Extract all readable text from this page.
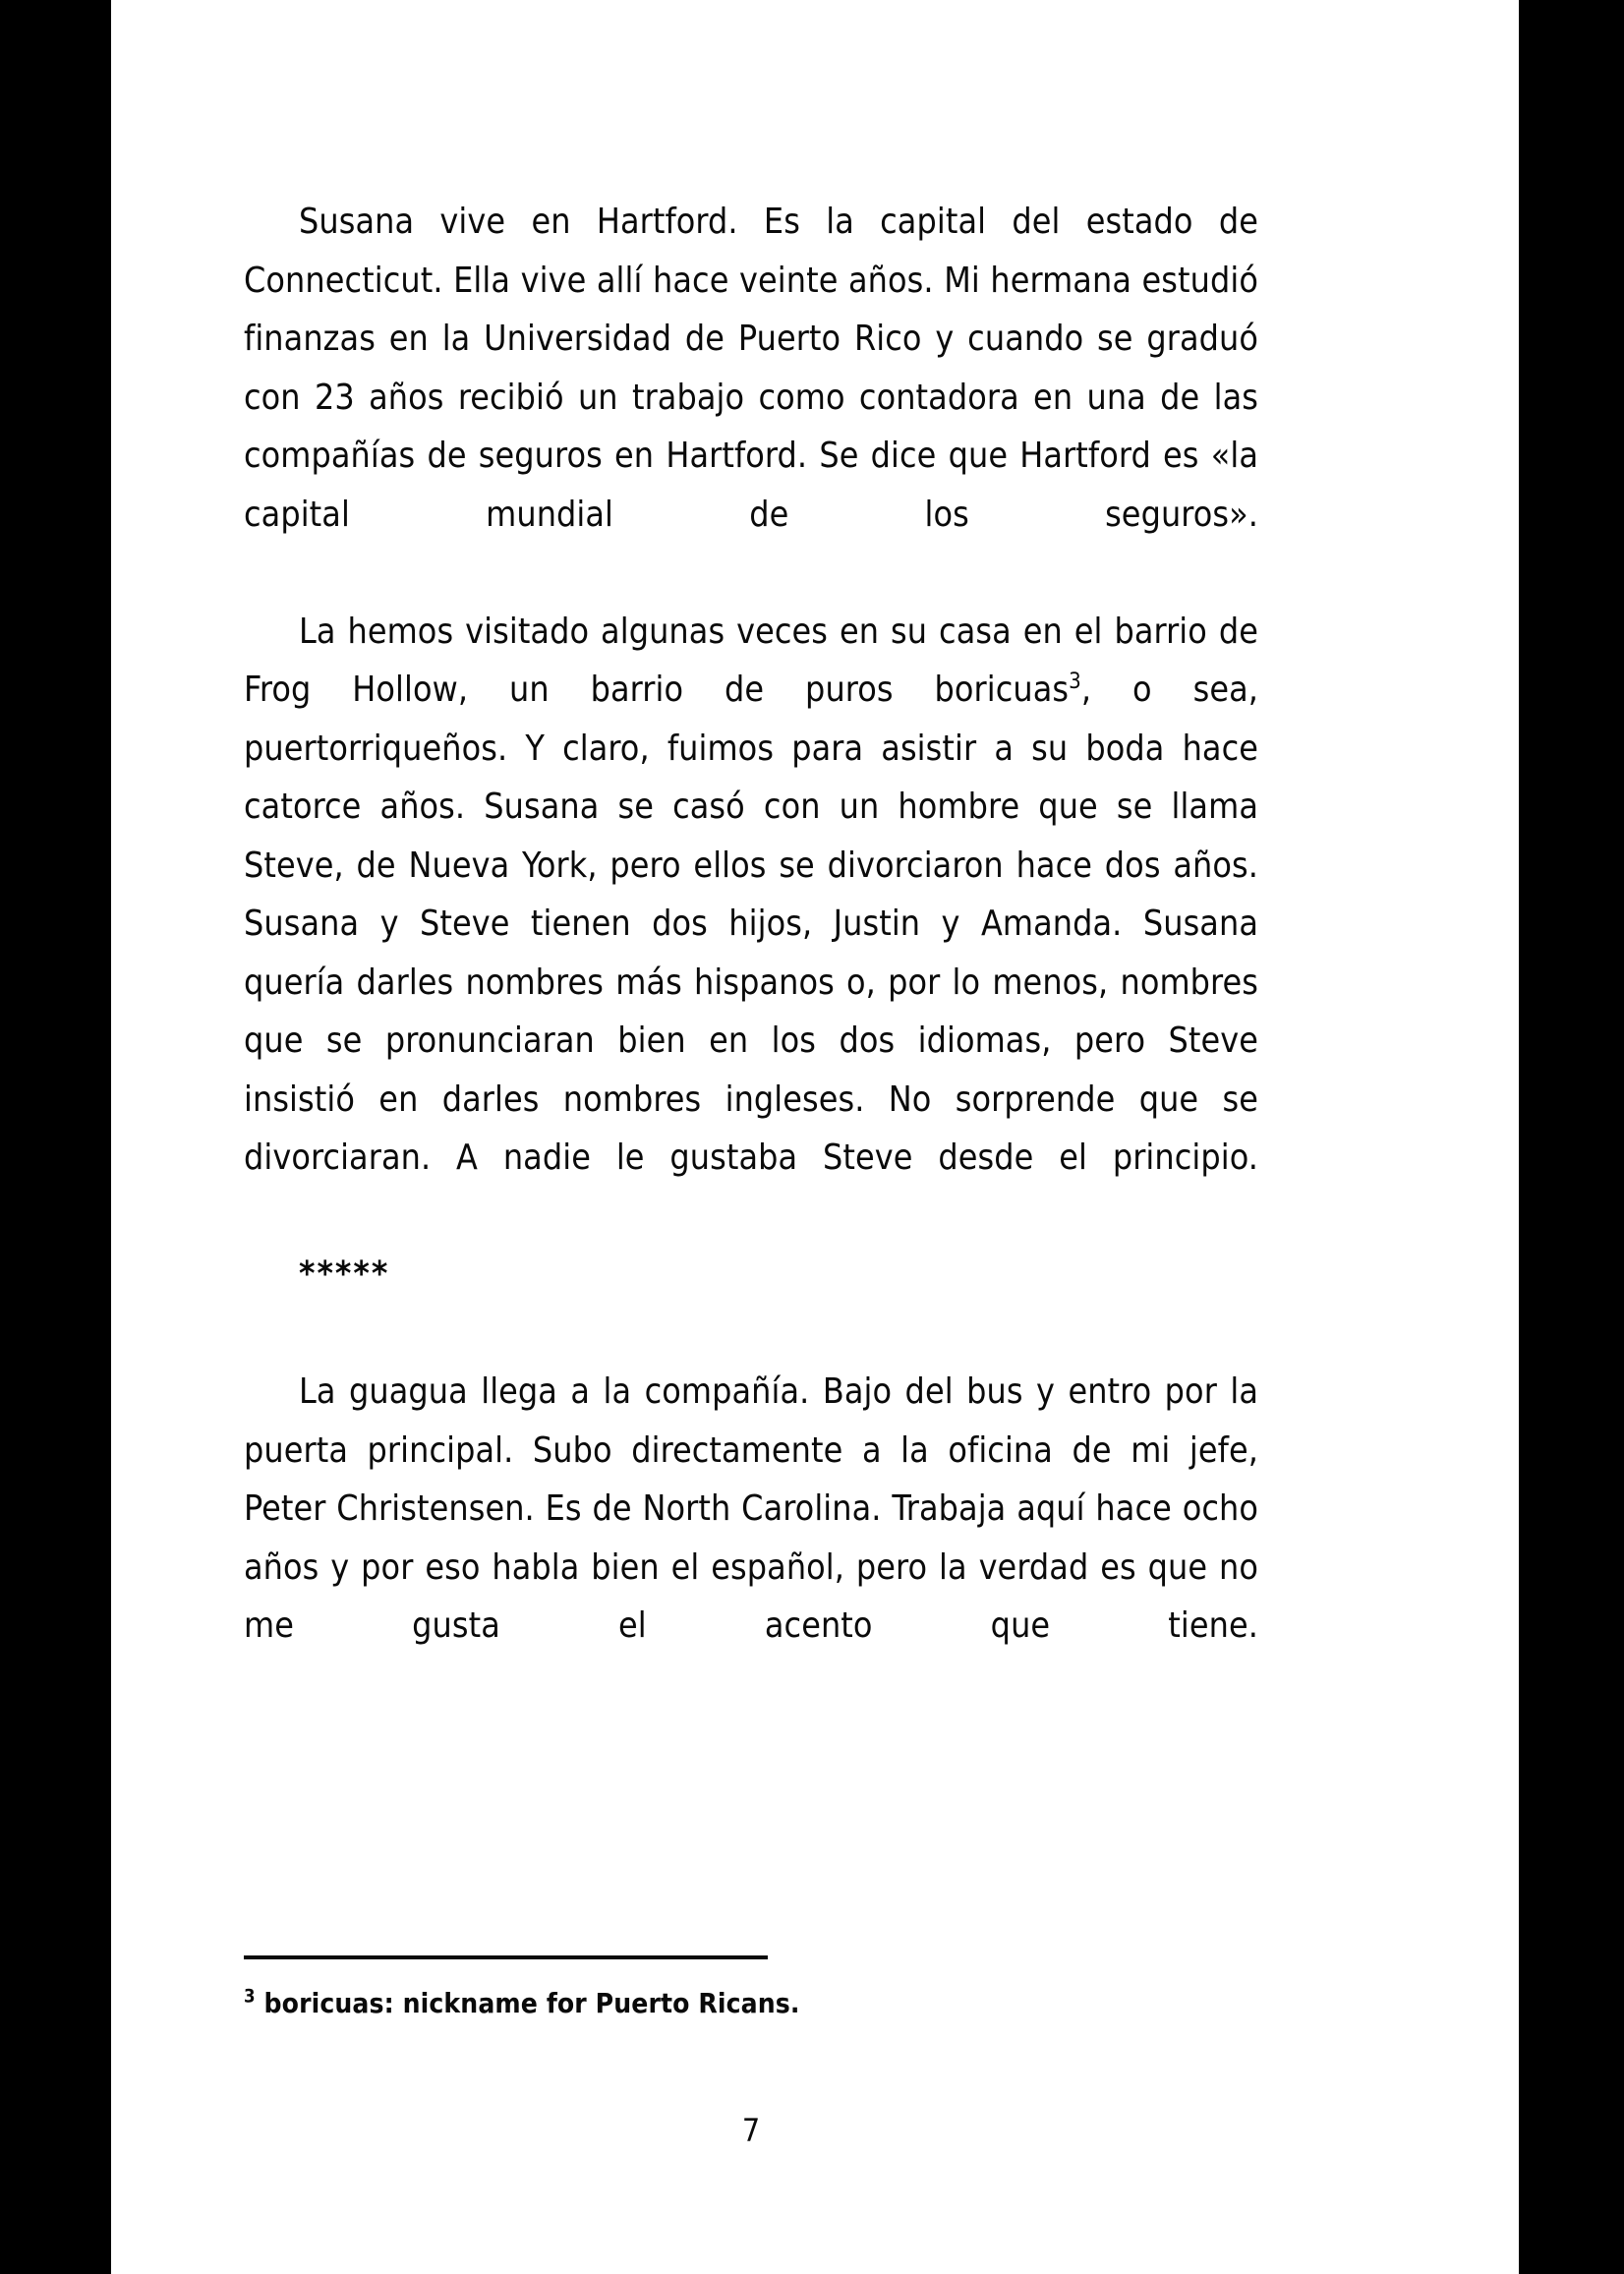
Susana vive en Hartford. Es la capital del estado de Connecticut. Ella vive allí hace veinte años. Mi hermana estudió finanzas en la Universidad de Puerto Rico y cuando se graduó con 23 años recibió un trabajo como contadora en una de las compañías de seguros en Hartford. Se dice que Hartford es «la capital mundial de los seguros».

La hemos visitado algunas veces en su casa en el barrio de Frog Hollow, un barrio de puros boricuas$^3$, o sea, puertorriqueños. Y claro, fuimos para asistir a su boda hace catorce años. Susana se casó con un hombre que se llama Steve, de Nueva York, pero ellos se divorciaron hace dos años. Susana y Steve tienen dos hijos, Justin y Amanda. Susana quería darles nombres más hispanos o, por lo menos, nombres que se pronunciaran bien en los dos idiomas, pero Steve insistió en darles nombres ingleses. No sorprende que se divorciaran. A nadie le gustaba Steve desde el principio.

*****

La guagua llega a la compañía. Bajo del bus y entro por la puerta principal. Subo directamente a la oficina de mi jefe, Peter Christensen. Es de North Carolina. Trabaja aquí hace ocho años y por eso habla bien el español, pero la verdad es que no me gusta el acento que tiene.

$^3$ boricuas: nickname for Puerto Ricans.
7
